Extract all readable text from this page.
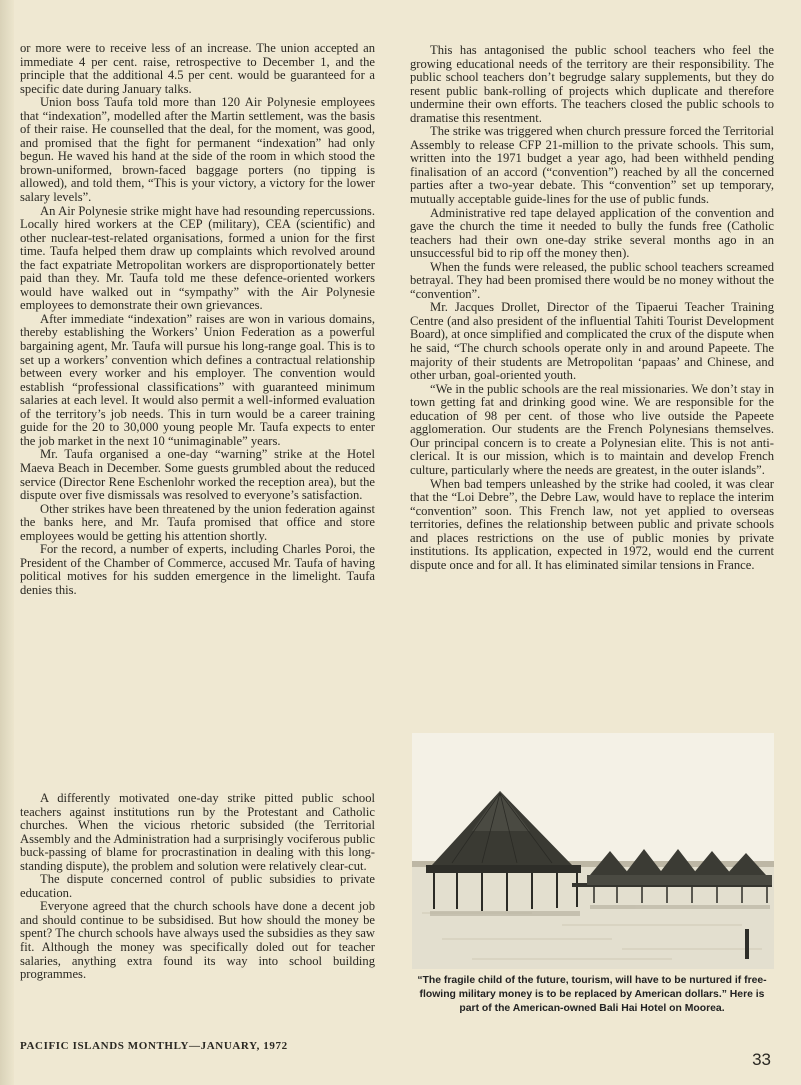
or more were to receive less of an increase. The union accepted an immediate 4 per cent. raise, retrospective to December 1, and the principle that the additional 4.5 per cent. would be guaranteed for a specific date during January talks.

Union boss Taufa told more than 120 Air Polynesie employees that “indexation”, modelled after the Martin settlement, was the basis of their raise. He counselled that the deal, for the moment, was good, and promised that the fight for permanent “indexation” had only begun. He waved his hand at the side of the room in which stood the brown-uniformed, brown-faced baggage porters (no tipping is allowed), and told them, “This is your victory, a victory for the lower salary levels”.

An Air Polynesie strike might have had resounding repercussions. Locally hired workers at the CEP (military), CEA (scientific) and other nuclear-test-related organisations, formed a union for the first time. Taufa helped them draw up complaints which revolved around the fact expatriate Metropolitan workers are disproportionately better paid than they. Mr. Taufa told me these defence-oriented workers would have walked out in “sympathy” with the Air Polynesie employees to demonstrate their own grievances.

After immediate “indexation” raises are won in various domains, thereby establishing the Workers’ Union Federation as a powerful bargaining agent, Mr. Taufa will pursue his long-range goal. This is to set up a workers’ convention which defines a contractual relationship between every worker and his employer. The convention would establish “professional classifications” with guaranteed minimum salaries at each level. It would also permit a well-informed evaluation of the territory’s job needs. This in turn would be a career training guide for the 20 to 30,000 young people Mr. Taufa expects to enter the job market in the next 10 “unimaginable” years.

Mr. Taufa organised a one-day “warning” strike at the Hotel Maeva Beach in December. Some guests grumbled about the reduced service (Director Rene Eschenlohr worked the reception area), but the dispute over five dismissals was resolved to everyone’s satisfaction.

Other strikes have been threatened by the union federation against the banks here, and Mr. Taufa promised that office and store employees would be getting his attention shortly.

For the record, a number of experts, including Charles Poroi, the President of the Chamber of Commerce, accused Mr. Taufa of having political motives for his sudden emergence in the limelight. Taufa denies this.

A differently motivated one-day strike pitted public school teachers against institutions run by the Protestant and Catholic churches. When the vicious rhetoric subsided (the Territorial Assembly and the Administration had a surprisingly vociferous public buck-passing of blame for procrastination in dealing with this long-standing dispute), the problem and solution were relatively clear-cut.

The dispute concerned control of public subsidies to private education.

Everyone agreed that the church schools have done a decent job and should continue to be subsidised. But how should the money be spent? The church schools have always used the subsidies as they saw fit. Although the money was specifically doled out for teacher salaries, anything extra found its way into school building programmes.

This has antagonised the public school teachers who feel the growing educational needs of the territory are their responsibility. The public school teachers don’t begrudge salary supplements, but they do resent public bank-rolling of projects which duplicate and therefore undermine their own efforts. The teachers closed the public schools to dramatise this resentment.

The strike was triggered when church pressure forced the Territorial Assembly to release CFP 21-million to the private schools. This sum, written into the 1971 budget a year ago, had been withheld pending finalisation of an accord (“convention”) reached by all the concerned parties after a two-year debate. This “convention” set up temporary, mutually acceptable guide-lines for the use of public funds.

Administrative red tape delayed application of the convention and gave the church the time it needed to bully the funds free (Catholic teachers had their own one-day strike several months ago in an unsuccessful bid to rip off the money then).

When the funds were released, the public school teachers screamed betrayal. They had been promised there would be no money without the “convention”.

Mr. Jacques Drollet, Director of the Tipaerui Teacher Training Centre (and also president of the influential Tahiti Tourist Development Board), at once simplified and complicated the crux of the dispute when he said, “The church schools operate only in and around Papeete. The majority of their students are Metropolitan ‘papaas’ and Chinese, and other urban, goal-oriented youth.

“We in the public schools are the real missionaries. We don’t stay in town getting fat and drinking good wine. We are responsible for the education of 98 per cent. of those who live outside the Papeete agglomeration. Our students are the French Polynesians themselves. Our principal concern is to create a Polynesian elite. This is not anti-clerical. It is our mission, which is to maintain and develop French culture, particularly where the needs are greatest, in the outer islands”.

When bad tempers unleashed by the strike had cooled, it was clear that the “Loi Debre”, the Debre Law, would have to replace the interim “convention” soon. This French law, not yet applied to overseas territories, defines the relationship between public and private schools and places restrictions on the use of public monies by private institutions. Its application, expected in 1972, would end the current dispute once and for all. It has eliminated similar tensions in France.

“The fragile child of the future, tourism, will have to be nurtured if free-flowing military money is to be replaced by American dollars.” Here is part of the American-owned Bali Hai Hotel on Moorea.
PACIFIC ISLANDS MONTHLY—JANUARY, 1972
33
